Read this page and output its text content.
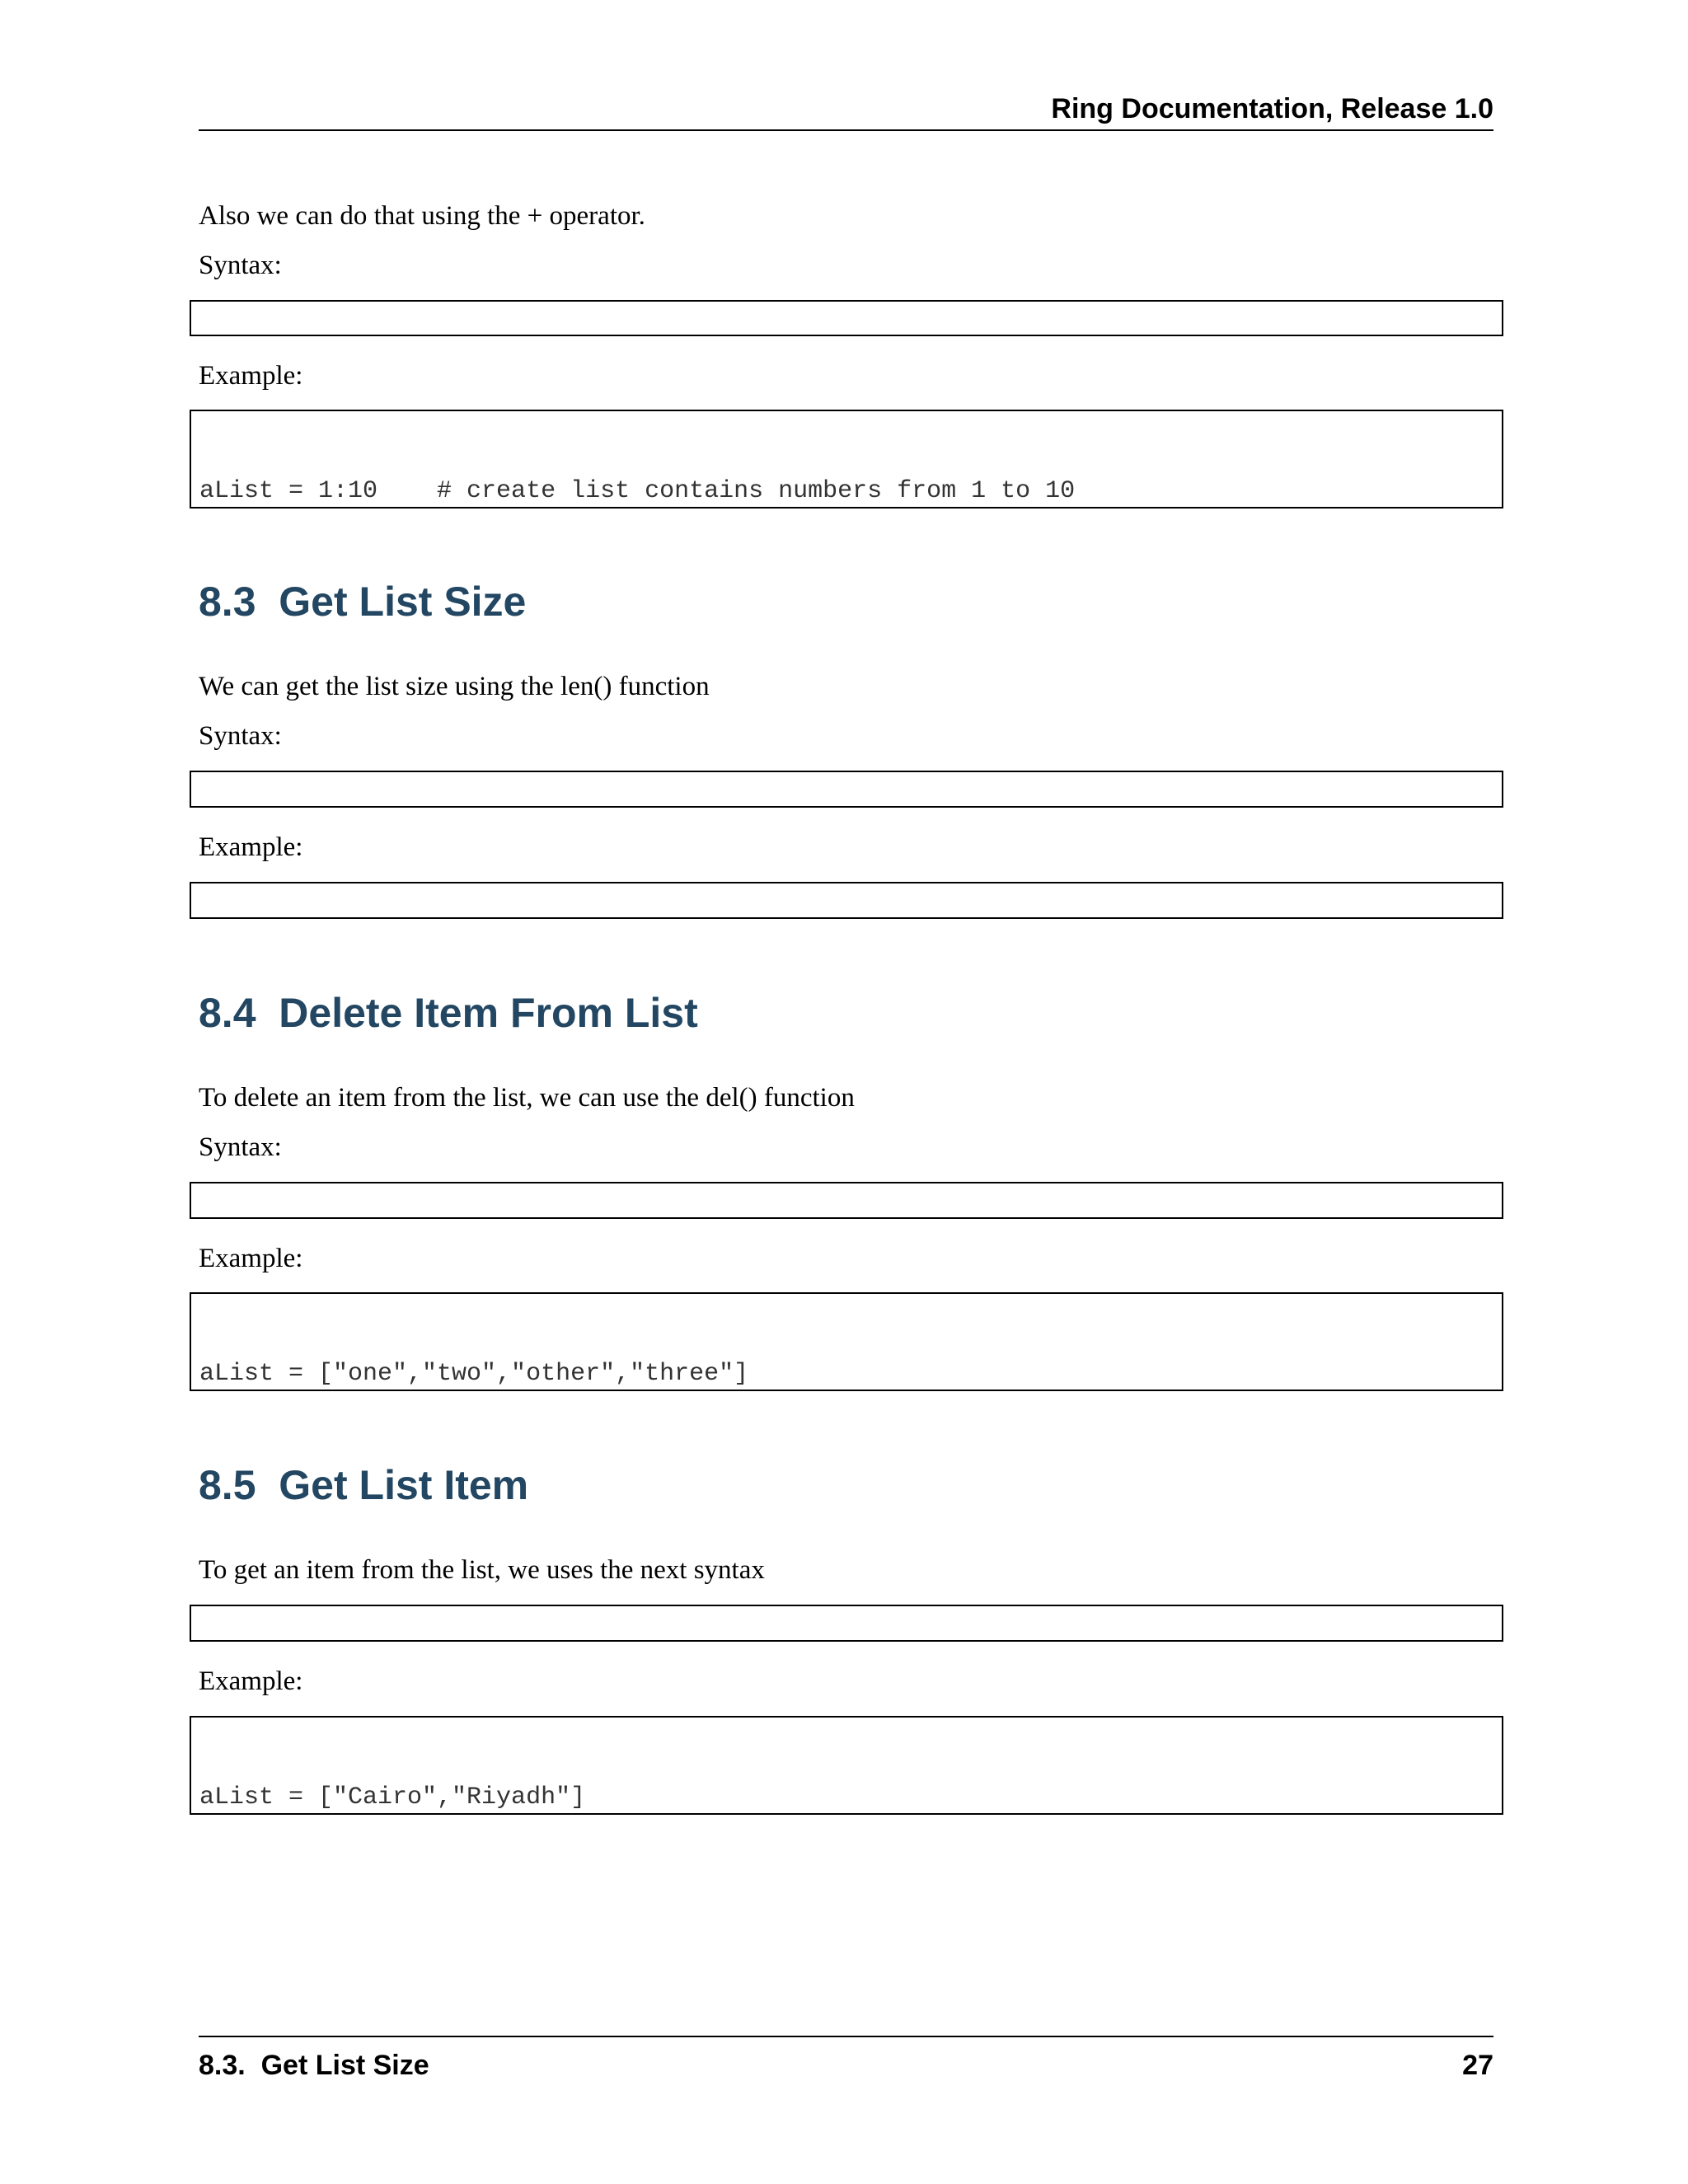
Ring Documentation, Release 1.0
Also we can do that using the + operator.
Syntax:

Example:

aList = 1:10    # create list contains numbers from 1 to 10

8.3  Get List Size
We can get the list size using the len() function
Syntax:

Example:

8.4  Delete Item From List
To delete an item from the list, we can use the del() function
Syntax:

Example:

aList = ["one","two","other","three"]

8.5  Get List Item
To get an item from the list, we uses the next syntax

Example:

aList = ["Cairo","Riyadh"]

8.3.  Get List Size	27
